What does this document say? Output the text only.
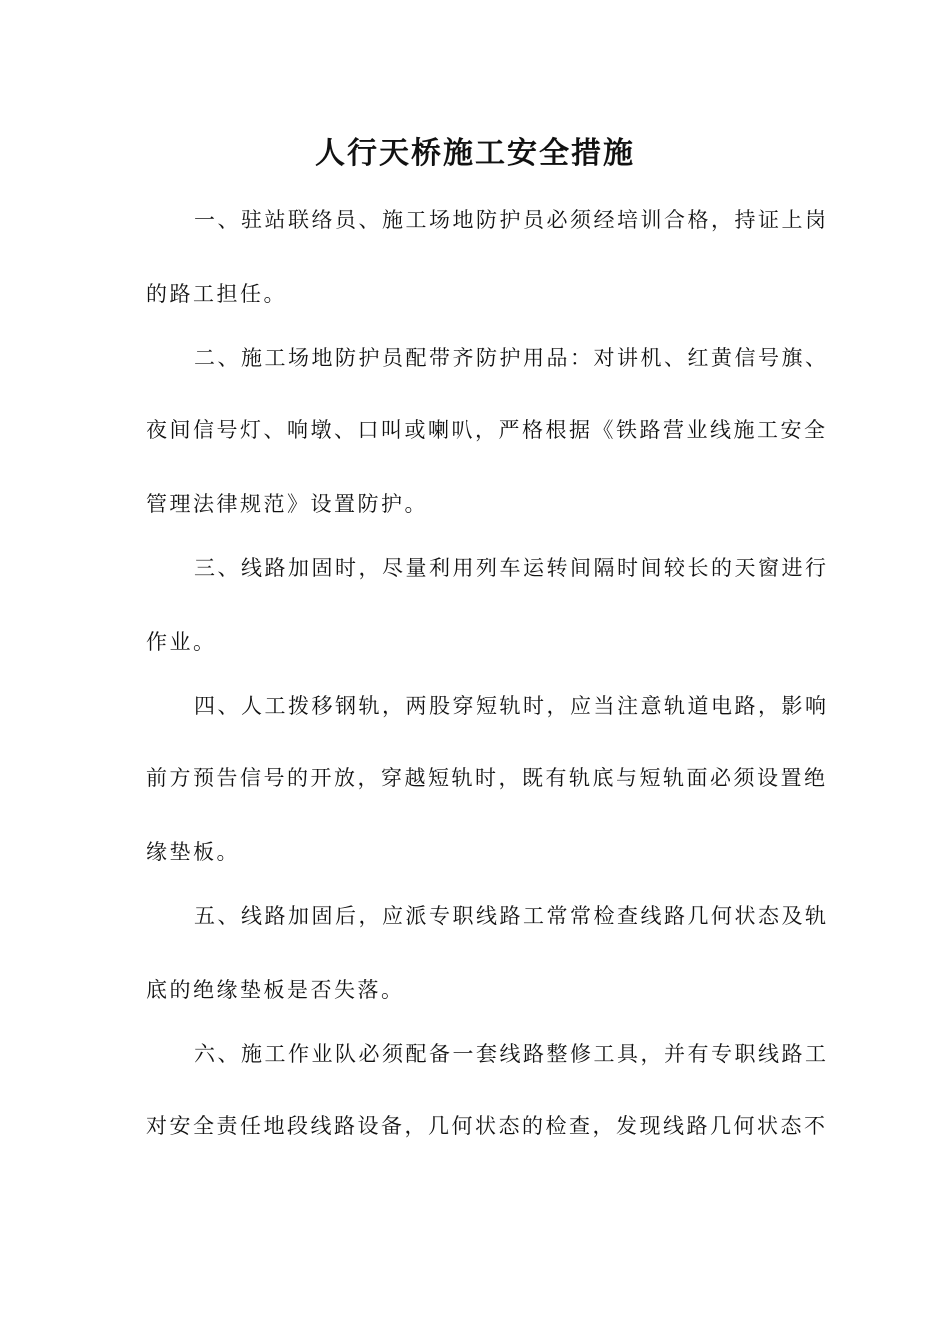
人行天桥施工安全措施
一、驻站联络员、施工场地防护员必须经培训合格，持证上岗
的路工担任。
二、施工场地防护员配带齐防护用品：对讲机、红黄信号旗、
夜间信号灯、响墩、口叫或喇叭，严格根据《铁路营业线施工安全
管理法律规范》设置防护。
三、线路加固时，尽量利用列车运转间隔时间较长的天窗进行
作业。
四、人工拨移钢轨，两股穿短轨时，应当注意轨道电路，影响
前方预告信号的开放，穿越短轨时，既有轨底与短轨面必须设置绝
缘垫板。
五、线路加固后，应派专职线路工常常检查线路几何状态及轨
底的绝缘垫板是否失落。
六、施工作业队必须配备一套线路整修工具，并有专职线路工
对安全责任地段线路设备，几何状态的检查，发现线路几何状态不
